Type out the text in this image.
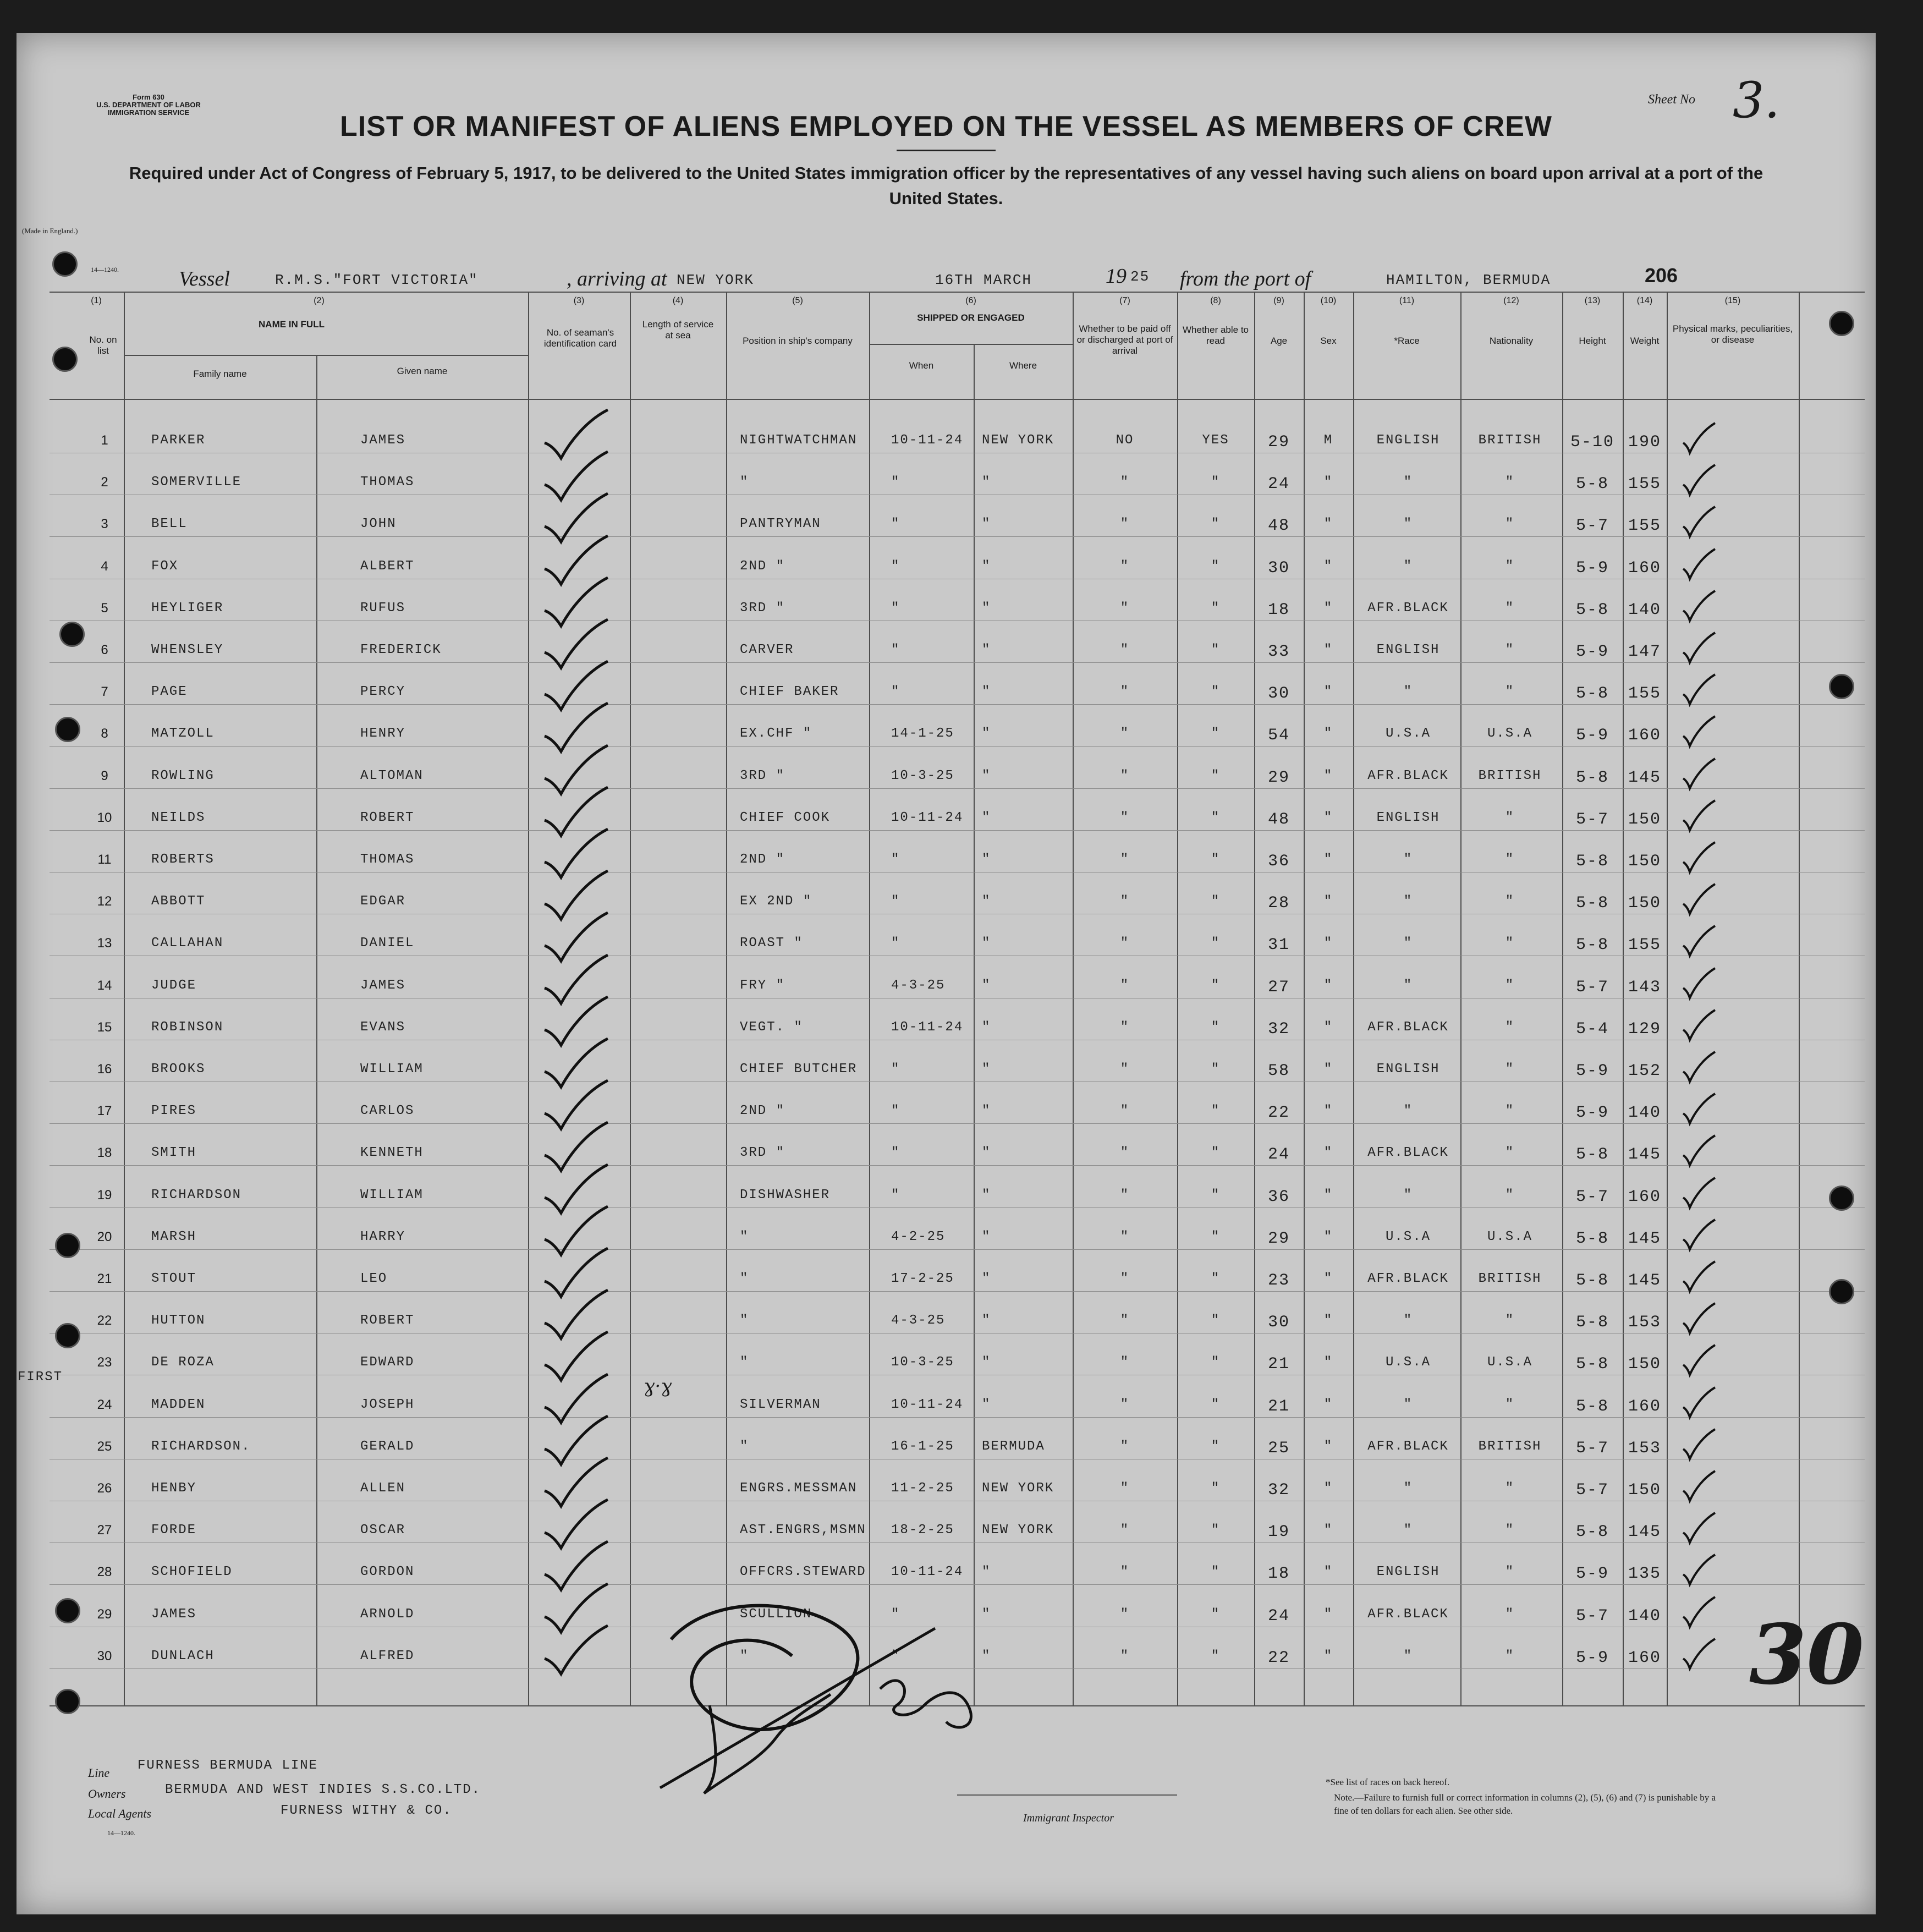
Form 630
U.S. DEPARTMENT OF LABOR
IMMIGRATION SERVICE
(Made in England.)
14—1240.
Sheet No 3.
LIST OR MANIFEST OF ALIENS EMPLOYED ON THE VESSEL AS MEMBERS OF CREW
Required under Act of Congress of February 5, 1917, to be delivered to the United States immigration officer by the representatives of any vessel having such aliens on board upon arrival at a port of the United States.
Vessel	R.M.S."FORT VICTORIA"	, arriving at NEW YORK	16TH MARCH	19 25 from the port of	HAMILTON, BERMUDA	206
(1)	(2)	(3)	(4)	(5)	(6)	(7)	(8)	(9)	(10)	(11)	(12)	(13)	(14)	(15)
No. on list
NAME IN FULL
Family name	Given name
No. of seaman's identification card
Length of service at sea
Position in ship's company
SHIPPED OR ENGAGED
When	Where
Whether to be paid off or discharged at port of arrival
Whether able to read	Age	Sex	*Race	Nationality	Height	Weight
Physical marks, peculiarities, or disease
1	PARKER	JAMES	NIGHTWATCHMAN	10-11-24 NEW YORK	NO	YES	29	M	ENGLISH	BRITISH	5-10 190
2	SOMERVILLE	THOMAS	"	"	"	"	"	24	"	"	"	5-8	155
3	BELL	JOHN	PANTRYMAN	"	"	"	"	48	"	"	"	5-7	155
4	FOX	ALBERT	2ND "	"	"	"	"	30	"	"	"	5-9	160
5	HEYLIGER	RUFUS	3RD "	"	"	"	"	18	"	AFR.BLACK	"	5-8	140
6	WHENSLEY	FREDERICK	CARVER	"	"	"	"	33	"	ENGLISH	"	5-9	147
7	PAGE	PERCY	CHIEF BAKER	"	"	"	"	30	"	"	"	5-8	155
8	MATZOLL	HENRY	EX.CHF "	14-1-25 "	"	"	54	"	U.S.A	U.S.A	5-9	160
9	ROWLING	ALTOMAN	3RD "	10-3-25 "	"	"	29	"	AFR.BLACK	BRITISH	5-8	145
10	NEILDS	ROBERT	CHIEF COOK	10-11-24 "	"	"	48	"	ENGLISH	"	5-7	150
11	ROBERTS	THOMAS	2ND "	"	"	"	"	36	"	"	"	5-8	150
12	ABBOTT	EDGAR	EX 2ND "	"	"	"	"	28	"	"	"	5-8	150
13	CALLAHAN	DANIEL	ROAST "	"	"	"	"	31	"	"	"	5-8	155
14	JUDGE	JAMES	FRY "	4-3-25	"	"	"	27	"	"	"	5-7	143
15	ROBINSON	EVANS	VEGT. "	10-11-24 "	"	"	32	"	AFR.BLACK	"	5-4	129
16	BROOKS	WILLIAM	CHIEF BUTCHER	"	"	"	"	58	"	ENGLISH	"	5-9	152
17	PIRES	CARLOS	2ND "	"	"	"	"	22	"	"	"	5-9	140
18	SMITH	KENNETH	3RD "	"	"	"	"	24	"	AFR.BLACK	"	5-8	145
19	RICHARDSON	WILLIAM	DISHWASHER	"	"	"	"	36	"	"	"	5-7	160
20	MARSH	HARRY	"	4-2-25	"	"	"	29	"	U.S.A	U.S.A	5-8	145
21	STOUT	LEO	"	17-2-25 "	"	"	23	"	AFR.BLACK	BRITISH	5-8	145
22	HUTTON	ROBERT	"	4-3-25	"	"	"	30	"	"	"	5-8	153
23	DE ROZA	EDWARD	"	10-3-25 "	"	"	21	"	U.S.A	U.S.A	5-8	150
24	MADDEN	JOSEPH	SILVERMAN	10-11-24 "	"	"	21	"	"	"	5-8	160
25	RICHARDSON.	GERALD	"	16-1-25 BERMUDA	"	"	25	"	AFR.BLACK	BRITISH	5-7	153
26	HENBY	ALLEN	ENGRS.MESSMAN	11-2-25 NEW YORK	"	"	32	"	"	"	5-7	150
27	FORDE	OSCAR	AST.ENGRS,MSMN 18-2-25 NEW YORK	"	"	19	"	"	"	5-8	145
28	SCHOFIELD	GORDON	OFFCRS.STEWARD 10-11-24 "	"	"	18	"	ENGLISH	"	5-9	135
29	JAMES	ARNOLD	SCULLION	"	"	"	"	24	"	AFR.BLACK	"	5-7	140
30	DUNLACH	ALFRED	"	"	"	"	"	22	"	"	"	5-9	160
FIRST	ɣ·⁠ɣ
30
Line FURNESS BERMUDA LINE
Owners	BERMUDA AND WEST INDIES S.S.CO.LTD.
Local Agents	FURNESS WITHY & CO.
14—1240.
Immigrant Inspector
*See list of races on back hereof.
Note.—Failure to furnish full or correct information in columns (2), (5), (6) and (7) is punishable by a fine of ten dollars for each alien. See other side.
